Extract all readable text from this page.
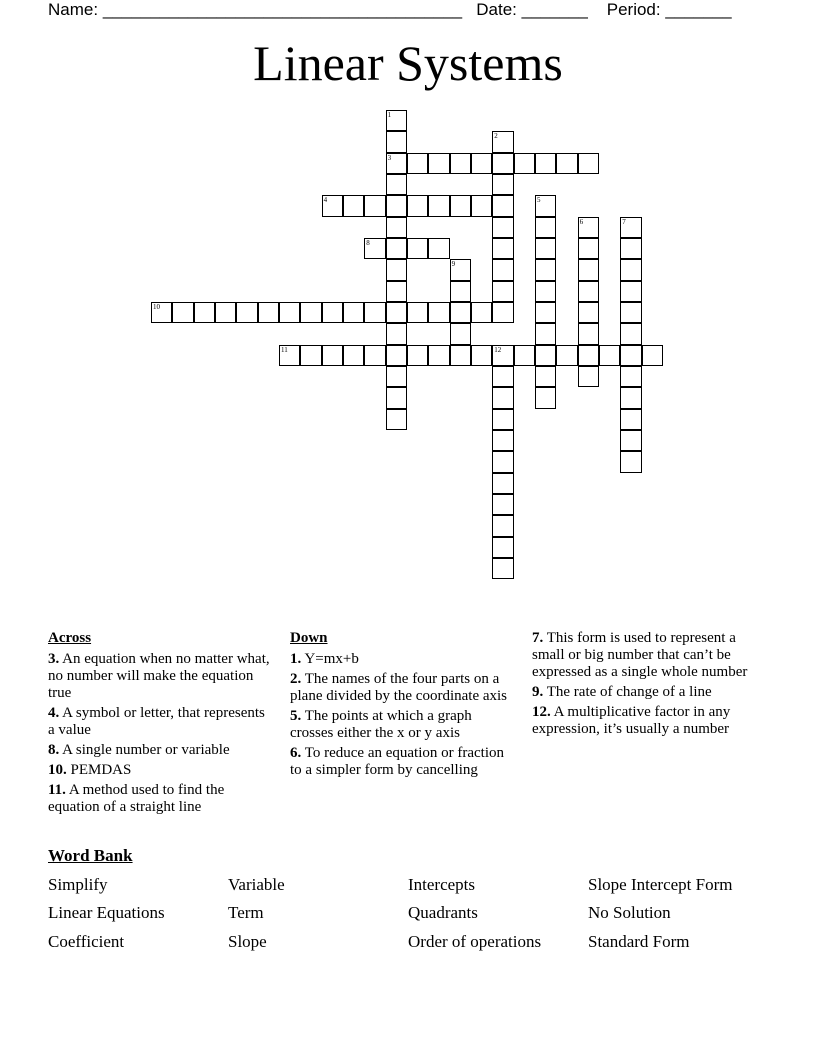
Name: ______________________________________ Date: _______ Period: _______
Linear Systems
1
3
2
4	5
6	7
8
9
10
11	12
Across
3. An equation when no matter what, no number will make the equation true
4. A symbol or letter, that represents a value
8. A single number or variable
10. PEMDAS
11. A method used to find the equation of a straight line
Down
1. Y=mx+b
2. The names of the four parts on a plane divided by the coordinate axis
5. The points at which a graph crosses either the x or y axis
6. To reduce an equation or fraction to a simpler form by cancelling
7. This form is used to represent a small or big number that can’t be expressed as a single whole number
9. The rate of change of a line
12. A multiplicative factor in any expression, it’s usually a number
Word Bank
Simplify	Variable	Intercepts	Slope Intercept Form
Linear Equations	Term	Quadrants	No Solution
Coefficient	Slope	Order of operations	Standard Form
